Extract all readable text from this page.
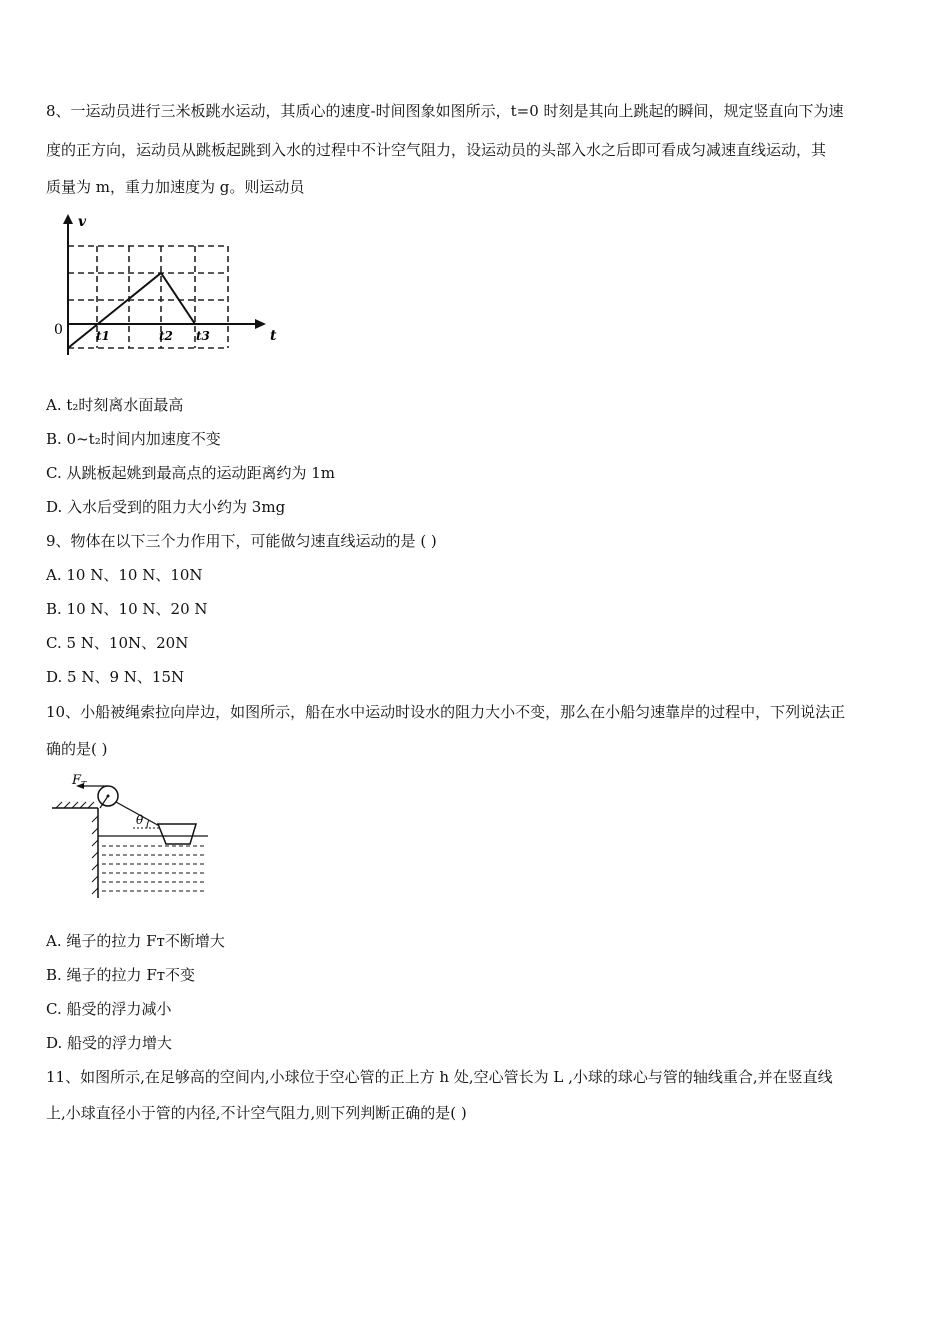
8、一运动员进行三米板跳水运动，其质心的速度-时间图象如图所示，t=0 时刻是其向上跳起的瞬间，规定竖直向下为速
度的正方向，运动员从跳板起跳到入水的过程中不计空气阻力，设运动员的头部入水之后即可看成匀减速直线运动，其
质量为 m，重力加速度为 g。则运动员
v
t
0	t1	t2 t3
A. t₂时刻离水面最高
B. 0~t₂时间内加速度不变
C. 从跳板起姚到最高点的运动距离约为 1m
D. 入水后受到的阻力大小约为 3mg
9、物体在以下三个力作用下，可能做匀速直线运动的是 ( )
A. 10 N、10 N、10N
B. 10 N、10 N、20 N
C. 5 N、10N、20N
D. 5 N、9 N、15N
10、小船被绳索拉向岸边，如图所示，船在水中运动时设水的阻力大小不变，那么在小船匀速靠岸的过程中，下列说法正
确的是( )
$F_T$
θ
A. 绳子的拉力 Fᴛ不断增大
B. 绳子的拉力 Fᴛ不变
C. 船受的浮力减小
D. 船受的浮力增大
11、如图所示,在足够高的空间内,小球位于空心管的正上方 h 处,空心管长为 L ,小球的球心与管的轴线重合,并在竖直线
上,小球直径小于管的内径,不计空气阻力,则下列判断正确的是( )
